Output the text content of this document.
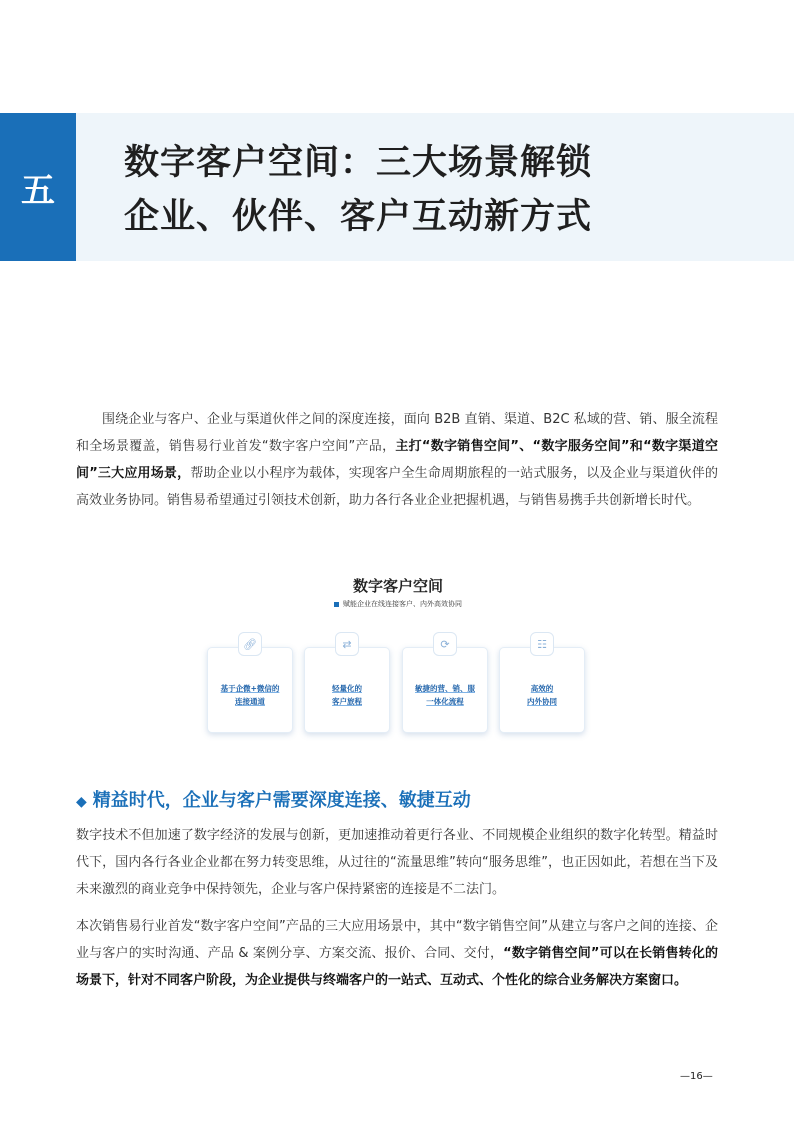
五
数字客户空间：三大场景解锁
企业、伙伴、客户互动新方式

围绕企业与客户、企业与渠道伙伴之间的深度连接，面向 B2B 直销、渠道、B2C 私域的营、销、服全流程和全场景覆盖，销售易行业首发“数字客户空间”产品，主打“数字销售空间”、“数字服务空间”和“数字渠道空间”三大应用场景，帮助企业以小程序为载体，实现客户全生命周期旅程的一站式服务，以及企业与渠道伙伴的高效业务协同。销售易希望通过引领技术创新，助力各行各业企业把握机遇，与销售易携手共创新增长时代。

数字客户空间
赋能企业在线连接客户、内外高效协同
🔗︎
基于企微+微信的
连接通道
⇄
轻量化的
客户旅程
⟳
敏捷的营、销、服
一体化流程
☷
高效的
内外协同
◆ 精益时代，企业与客户需要深度连接、敏捷互动

数字技术不但加速了数字经济的发展与创新，更加速推动着更行各业、不同规模企业组织的数字化转型。精益时代下，国内各行各业企业都在努力转变思维，从过往的“流量思维”转向“服务思维”，也正因如此，若想在当下及未来激烈的商业竞争中保持领先，企业与客户保持紧密的连接是不二法门。

本次销售易行业首发“数字客户空间”产品的三大应用场景中，其中“数字销售空间”从建立与客户之间的连接、企业与客户的实时沟通、产品 & 案例分享、方案交流、报价、合同、交付，“数字销售空间”可以在长销售转化的场景下，针对不同客户阶段，为企业提供与终端客户的一站式、互动式、个性化的综合业务解决方案窗口。

—16—
